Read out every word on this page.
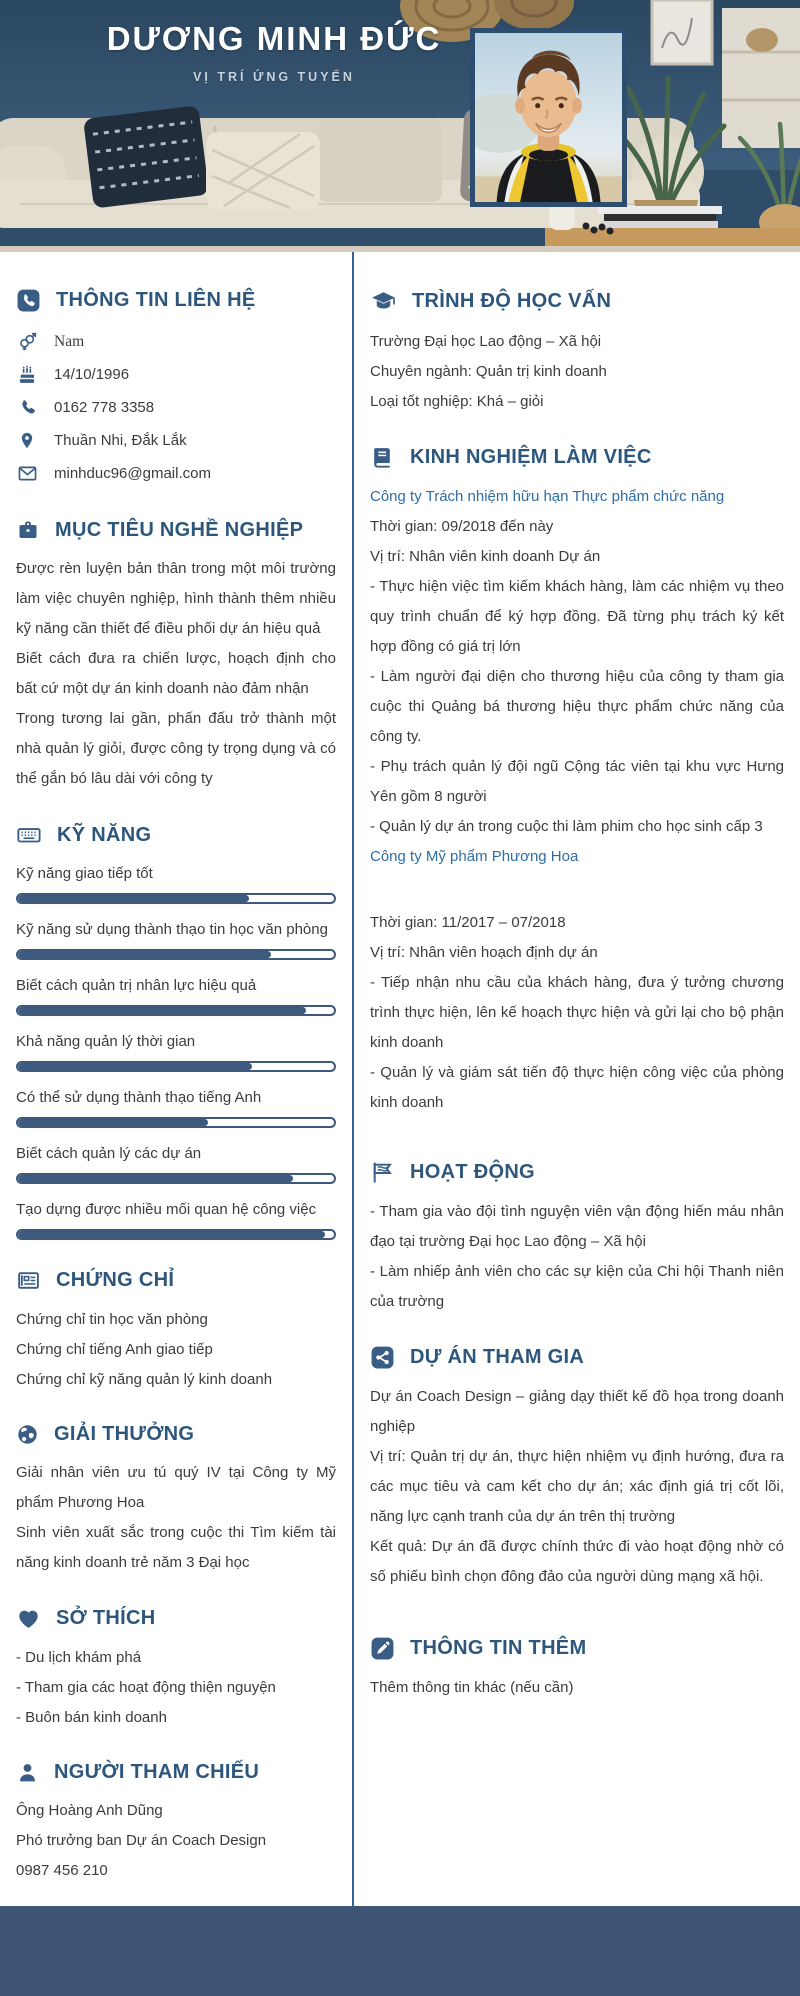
DƯƠNG MINH ĐỨC
VỊ TRÍ ỨNG TUYỂN
THÔNG TIN LIÊN HỆ
Nam
14/10/1996
0162 778 3358
Thuần Nhi, Đắk Lắk
minhduc96@gmail.com
MỤC TIÊU NGHỀ NGHIỆP

Được rèn luyện bản thân trong một môi trường làm việc chuyên nghiệp, hình thành thêm nhiều kỹ năng cần thiết để điều phối dự án hiệu quả

Biết cách đưa ra chiến lược, hoạch định cho bất cứ một dự án kinh doanh nào đảm nhận

Trong tương lai gần, phấn đấu trở thành một nhà quản lý giỏi, được công ty trọng dụng và có thể gắn bó lâu dài với công ty

KỸ NĂNG
Kỹ năng giao tiếp tốt
Kỹ năng sử dụng thành thạo tin học văn phòng
Biết cách quản trị nhân lực hiệu quả
Khả năng quản lý thời gian
Có thể sử dụng thành thạo tiếng Anh
Biết cách quản lý các dự án
Tạo dựng được nhiều mối quan hệ công việc
CHỨNG CHỈ
Chứng chỉ tin học văn phòng
Chứng chỉ tiếng Anh giao tiếp
Chứng chỉ kỹ năng quản lý kinh doanh
GIẢI THƯỞNG

Giải nhân viên ưu tú quý IV tại Công ty Mỹ phẩm Phương Hoa

Sinh viên xuất sắc trong cuộc thi Tìm kiếm tài năng kinh doanh trẻ năm 3 Đại học

SỞ THÍCH
- Du lịch khám phá
- Tham gia các hoạt động thiện nguyện
- Buôn bán kinh doanh
NGƯỜI THAM CHIẾU
Ông Hoàng Anh Dũng
Phó trưởng ban Dự án Coach Design
0987 456 210
TRÌNH ĐỘ HỌC VẤN
Trường Đại học Lao động – Xã hội
Chuyên ngành: Quản trị kinh doanh
Loại tốt nghiệp: Khá – giỏi
KINH NGHIỆM LÀM VIỆC
Công ty Trách nhiệm hữu hạn Thực phẩm chức năng
Thời gian: 09/2018 đến này
Vị trí: Nhân viên kinh doanh Dự án

- Thực hiện việc tìm kiếm khách hàng, làm các nhiệm vụ theo quy trình chuẩn để ký hợp đồng. Đã từng phụ trách ký kết hợp đồng có giá trị lớn

- Làm người đại diện cho thương hiệu của công ty tham gia cuộc thi Quảng bá thương hiệu thực phẩm chức năng của công ty.

- Phụ trách quản lý đội ngũ Cộng tác viên tại khu vực Hưng Yên gồm 8 người

- Quản lý dự án trong cuộc thi làm phim cho học sinh cấp 3

Công ty Mỹ phẩm Phương Hoa
Thời gian: 11/2017 – 07/2018
Vị trí: Nhân viên hoạch định dự án

- Tiếp nhận nhu cầu của khách hàng, đưa ý tưởng chương trình thực hiện, lên kế hoạch thực hiện và gửi lại cho bộ phận kinh doanh

- Quản lý và giám sát tiến độ thực hiện công việc của phòng kinh doanh

HOẠT ĐỘNG

- Tham gia vào đội tình nguyện viên vận động hiến máu nhân đạo tại trường Đại học Lao động – Xã hội

- Làm nhiếp ảnh viên cho các sự kiện của Chi hội Thanh niên của trường

DỰ ÁN THAM GIA

Dự án Coach Design – giảng dạy thiết kế đồ họa trong doanh nghiệp

Vị trí: Quản trị dự án, thực hiện nhiệm vụ định hướng, đưa ra các mục tiêu và cam kết cho dự án; xác định giá trị cốt lõi, năng lực cạnh tranh của dự án trên thị trường

Kết quả: Dự án đã được chính thức đi vào hoạt động nhờ có số phiếu bình chọn đông đảo của người dùng mạng xã hội.

THÔNG TIN THÊM

Thêm thông tin khác (nếu cần)
